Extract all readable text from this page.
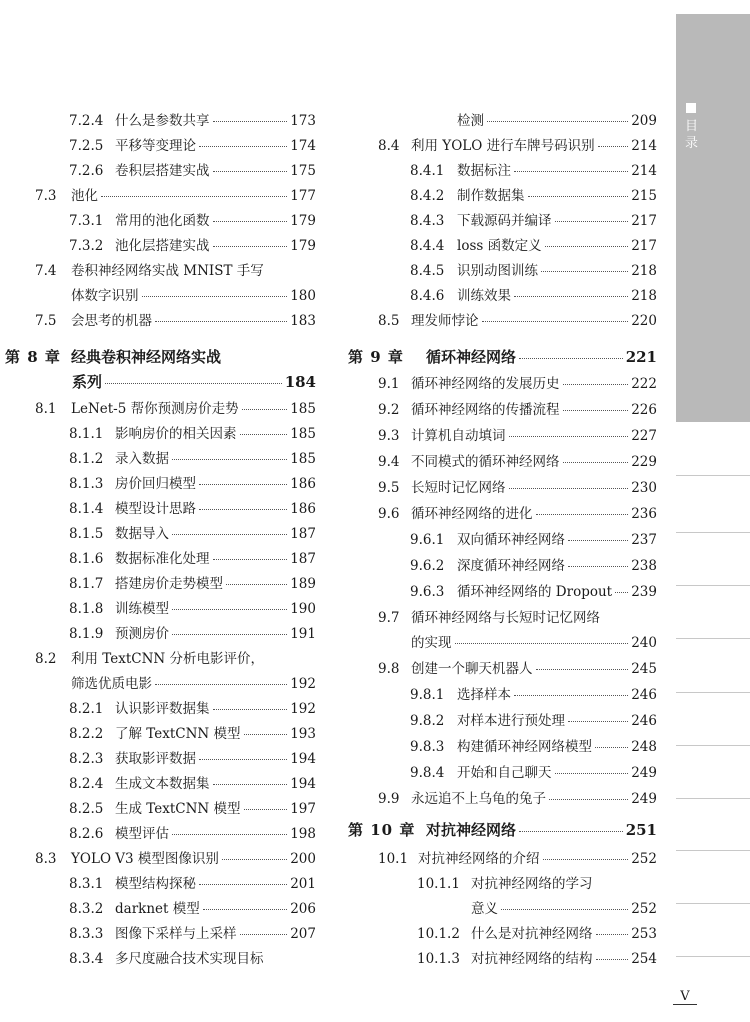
目录
7.2.4 什么是参数共享	173
7.2.5 平移等变理论	174
7.2.6 卷积层搭建实战	175
7.3 池化	177
7.3.1 常用的池化函数	179
7.3.2 池化层搭建实战	179
7.4 卷积神经网络实战 MNIST 手写
体数字识别	180
7.5 会思考的机器	183
第 8 章 经典卷积神经网络实战
系列	184
8.1 LeNet-5 帮你预测房价走势	185
8.1.1 影响房价的相关因素	185
8.1.2 录入数据	185
8.1.3 房价回归模型	186
8.1.4 模型设计思路	186
8.1.5 数据导入	187
8.1.6 数据标准化处理	187
8.1.7 搭建房价走势模型	189
8.1.8 训练模型	190
8.1.9 预测房价	191
8.2 利用 TextCNN 分析电影评价，
筛选优质电影	192
8.2.1 认识影评数据集	192
8.2.2 了解 TextCNN 模型	193
8.2.3 获取影评数据	194
8.2.4 生成文本数据集	194
8.2.5 生成 TextCNN 模型	197
8.2.6 模型评估	198
8.3 YOLO V3 模型图像识别	200
8.3.1 模型结构探秘	201
8.3.2 darknet 模型	206
8.3.3 图像下采样与上采样	207
8.3.4 多尺度融合技术实现目标
检测	209
8.4 利用 YOLO 进行车牌号码识别	214
8.4.1 数据标注	214
8.4.2 制作数据集	215
8.4.3 下载源码并编译	217
8.4.4 loss 函数定义	217
8.4.5 识别动图训练	218
8.4.6 训练效果	218
8.5 理发师悖论	220
第 9 章 循环神经网络	221
9.1 循环神经网络的发展历史	222
9.2 循环神经网络的传播流程	226
9.3 计算机自动填词	227
9.4 不同模式的循环神经网络	229
9.5 长短时记忆网络	230
9.6 循环神经网络的进化	236
9.6.1 双向循环神经网络	237
9.6.2 深度循环神经网络	238
9.6.3 循环神经网络的 Dropout 239
9.7 循环神经网络与长短时记忆网络
的实现	240
9.8 创建一个聊天机器人	245
9.8.1 选择样本	246
9.8.2 对样本进行预处理	246
9.8.3 构建循环神经网络模型	248
9.8.4 开始和自己聊天	249
9.9 永远追不上乌龟的兔子	249
第 10 章 对抗神经网络	251
10.1 对抗神经网络的介绍	252
10.1.1 对抗神经网络的学习
意义	252
10.1.2 什么是对抗神经网络	253
10.1.3 对抗神经网络的结构	254
V
